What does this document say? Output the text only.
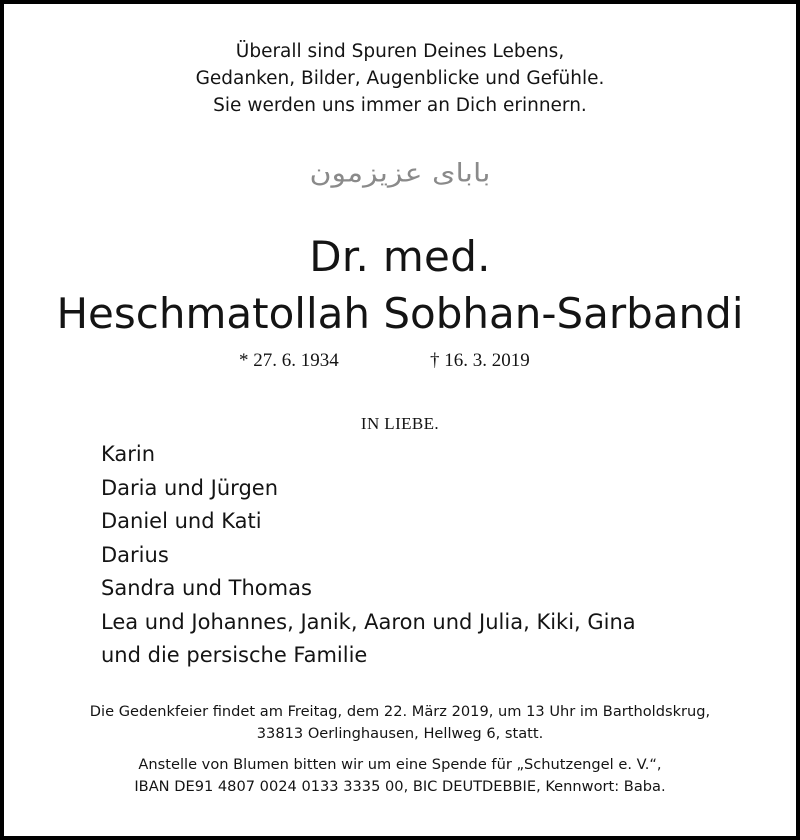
Überall sind Spuren Deines Lebens,
Gedanken, Bilder, Augenblicke und Gefühle.
Sie werden uns immer an Dich erinnern.
بابای عزیزمون
Dr. med.
Heschmatollah Sobhan-Sarbandi
* 27. 6. 1934	† 16. 3. 2019
IN LIEBE.
Karin
Daria und Jürgen
Daniel und Kati
Darius
Sandra und Thomas
Lea und Johannes, Janik, Aaron und Julia, Kiki, Gina
und die persische Familie
Die Gedenkfeier findet am Freitag, dem 22. März 2019, um 13 Uhr im Bartholdskrug,
33813 Oerlinghausen, Hellweg 6, statt.
Anstelle von Blumen bitten wir um eine Spende für „Schutzengel e. V.“,
IBAN DE91 4807 0024 0133 3335 00, BIC DEUTDEBBIE, Kennwort: Baba.
